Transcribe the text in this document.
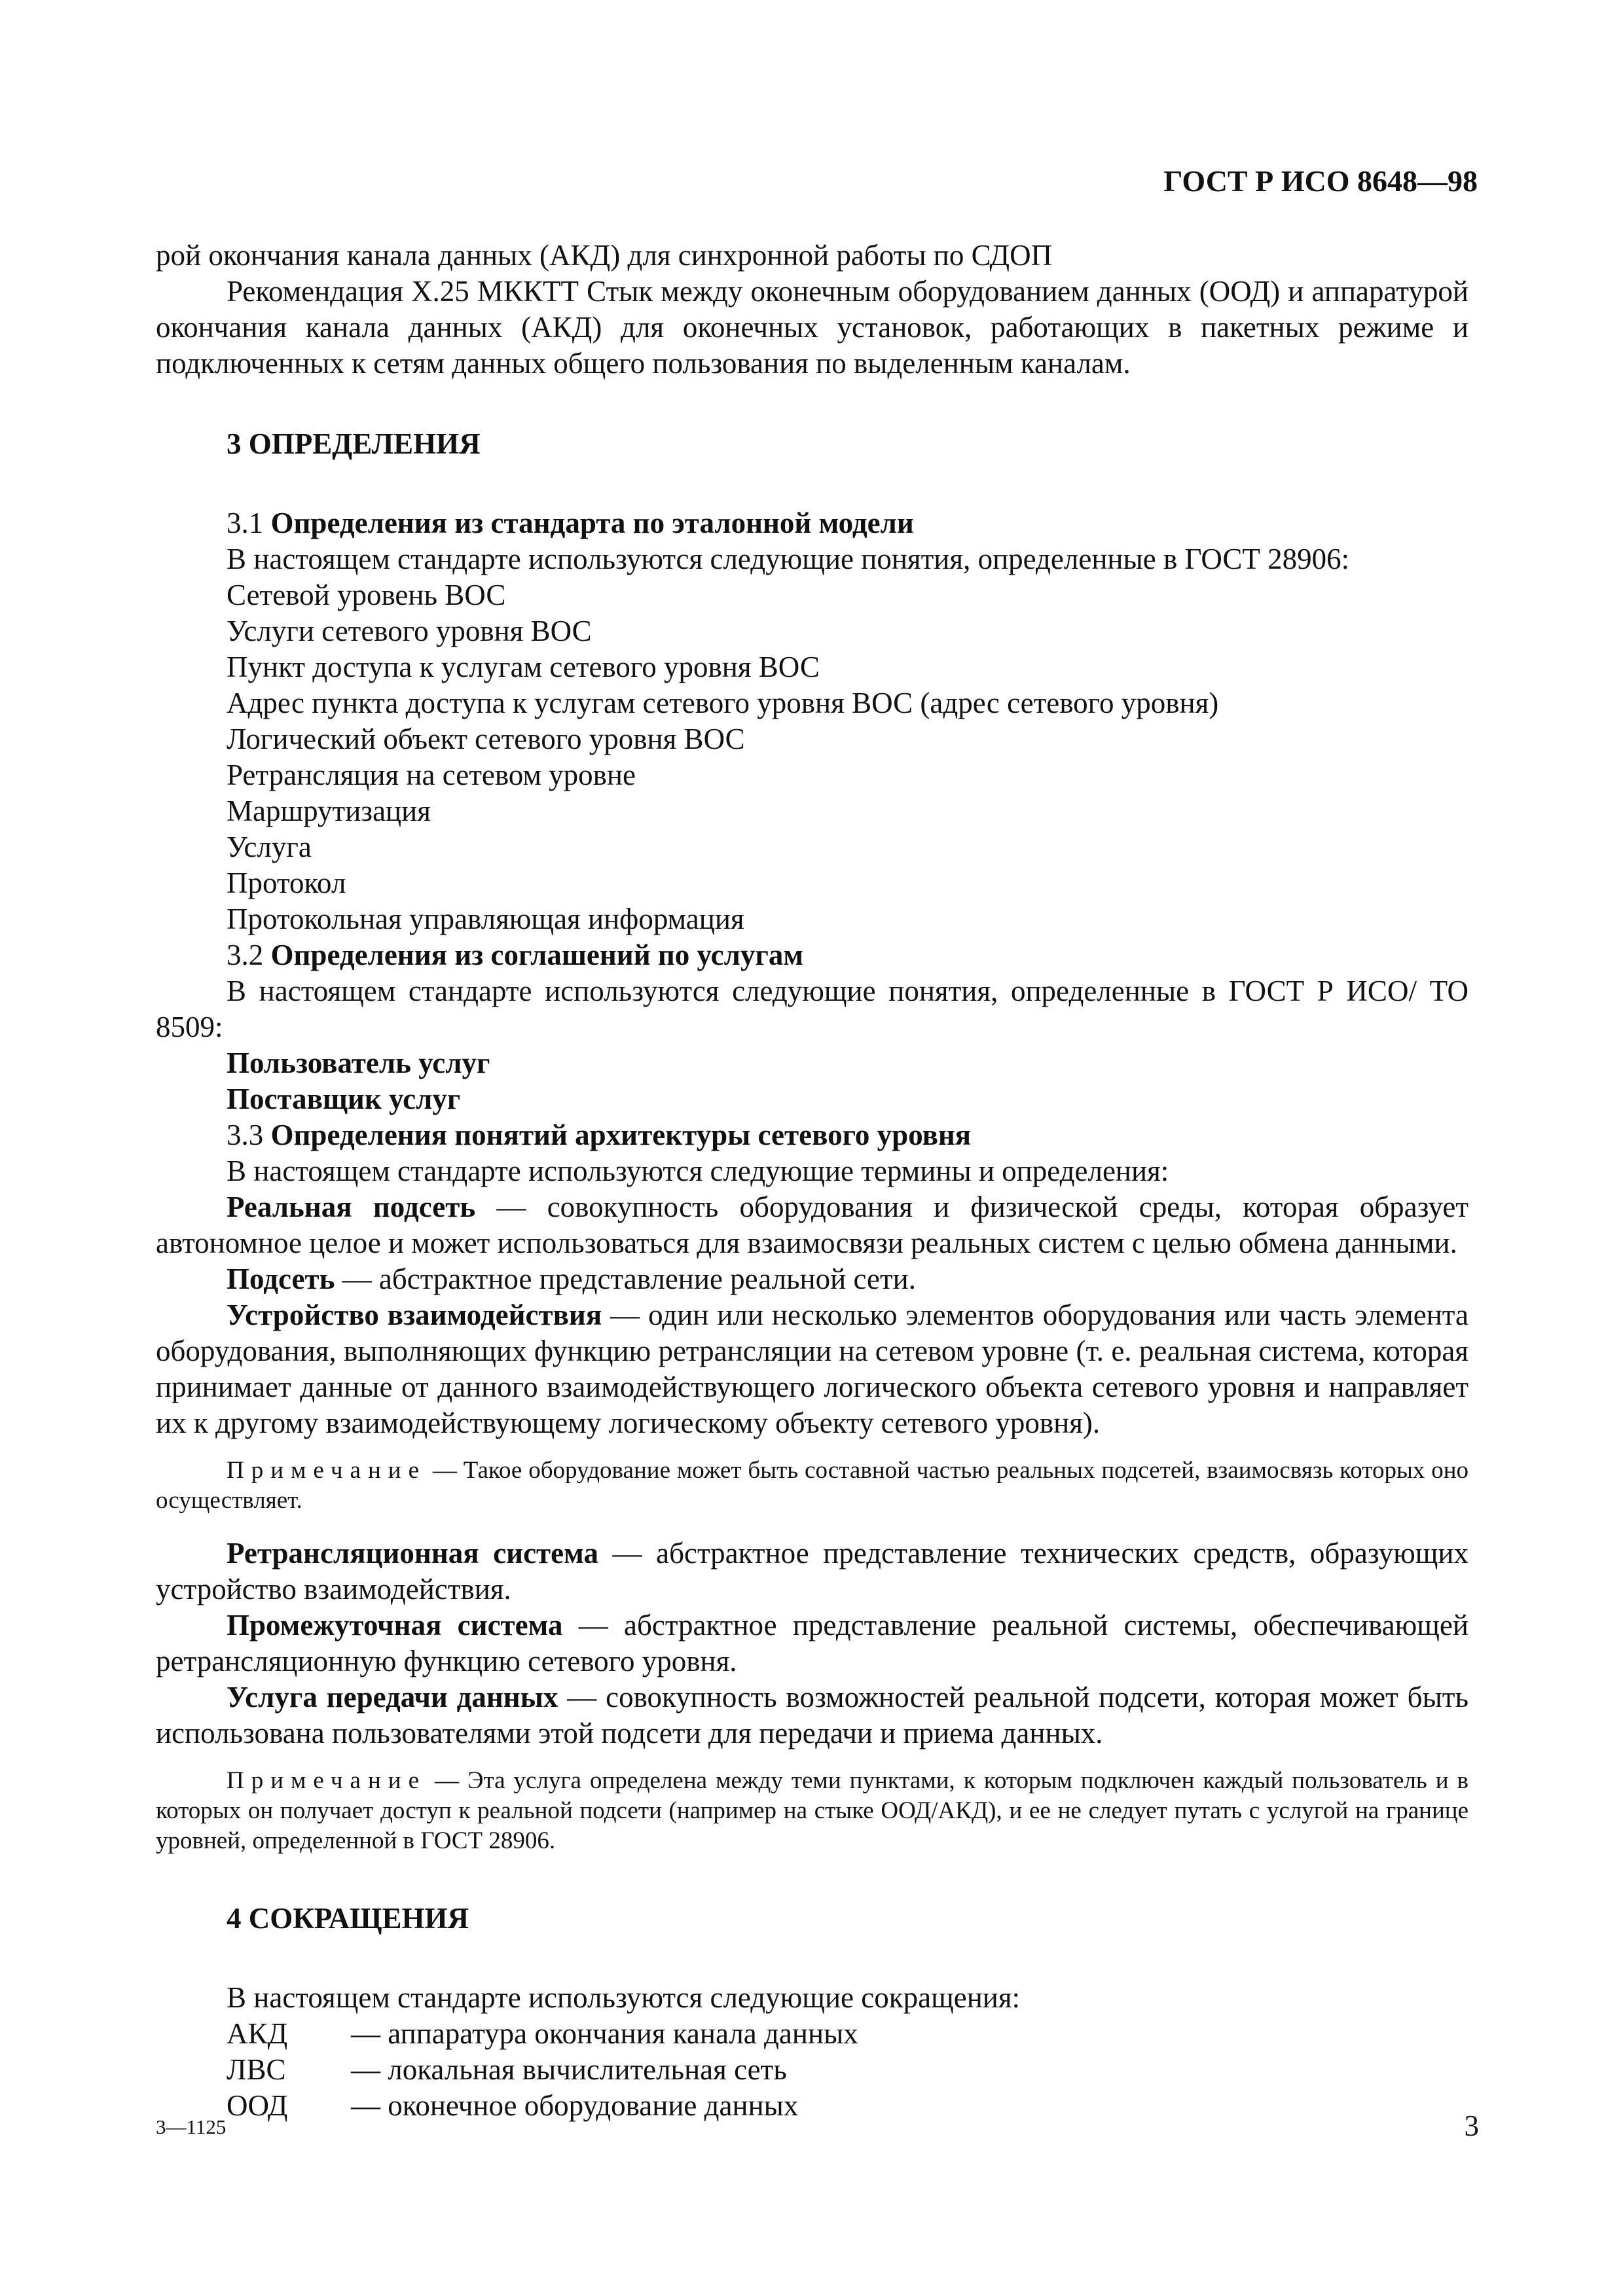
ГОСТ Р ИСО 8648—98

рой окончания канала данных (АКД) для синхронной работы по СДОП

Рекомендация Х.25 МККТТ Стык между оконечным оборудованием данных (ООД) и аппаратурой окончания канала данных (АКД) для оконечных установок, работающих в пакетных режиме и подключенных к сетям данных общего пользования по выделенным каналам.

3 ОПРЕДЕЛЕНИЯ

3.1 Определения из стандарта по эталонной модели

В настоящем стандарте используются следующие понятия, определенные в ГОСТ 28906:

Сетевой уровень ВОС

Услуги сетевого уровня ВОС

Пункт доступа к услугам сетевого уровня ВОС

Адрес пункта доступа к услугам сетевого уровня ВОС (адрес сетевого уровня)

Логический объект сетевого уровня ВОС

Ретрансляция на сетевом уровне

Маршрутизация

Услуга

Протокол

Протокольная управляющая информация

3.2 Определения из соглашений по услугам

В настоящем стандарте используются следующие понятия, определенные в ГОСТ Р ИСО/ ТО 8509:

Пользователь услуг

Поставщик услуг

3.3 Определения понятий архитектуры сетевого уровня

В настоящем стандарте используются следующие термины и определения:

Реальная подсеть — совокупность оборудования и физической среды, которая образует автономное целое и может использоваться для взаимосвязи реальных систем с целью обмена данными.

Подсеть — абстрактное представление реальной сети.

Устройство взаимодействия — один или несколько элементов оборудования или часть элемента оборудования, выполняющих функцию ретрансляции на сетевом уровне (т. е. реальная система, которая принимает данные от данного взаимодействующего логического объекта сетевого уровня и направляет их к другому взаимодействующему логическому объекту сетевого уровня).

Примечание — Такое оборудование может быть составной частью реальных подсетей, взаимосвязь которых оно осуществляет.

Ретрансляционная система — абстрактное представление технических средств, образующих устройство взаимодействия.

Промежуточная система — абстрактное представление реальной системы, обеспечивающей ретрансляционную функцию сетевого уровня.

Услуга передачи данных — совокупность возможностей реальной подсети, которая может быть использована пользователями этой подсети для передачи и приема данных.

Примечание — Эта услуга определена между теми пунктами, к которым подключен каждый пользователь и в которых он получает доступ к реальной подсети (например на стыке ООД/АКД), и ее не следует путать с услугой на границе уровней, определенной в ГОСТ 28906.

4 СОКРАЩЕНИЯ

В настоящем стандарте используются следующие сокращения:

АКД	— аппаратура окончания канала данных
ЛВС	— локальная вычислительная сеть
ООД	— оконечное оборудование данных
3—1125	3
